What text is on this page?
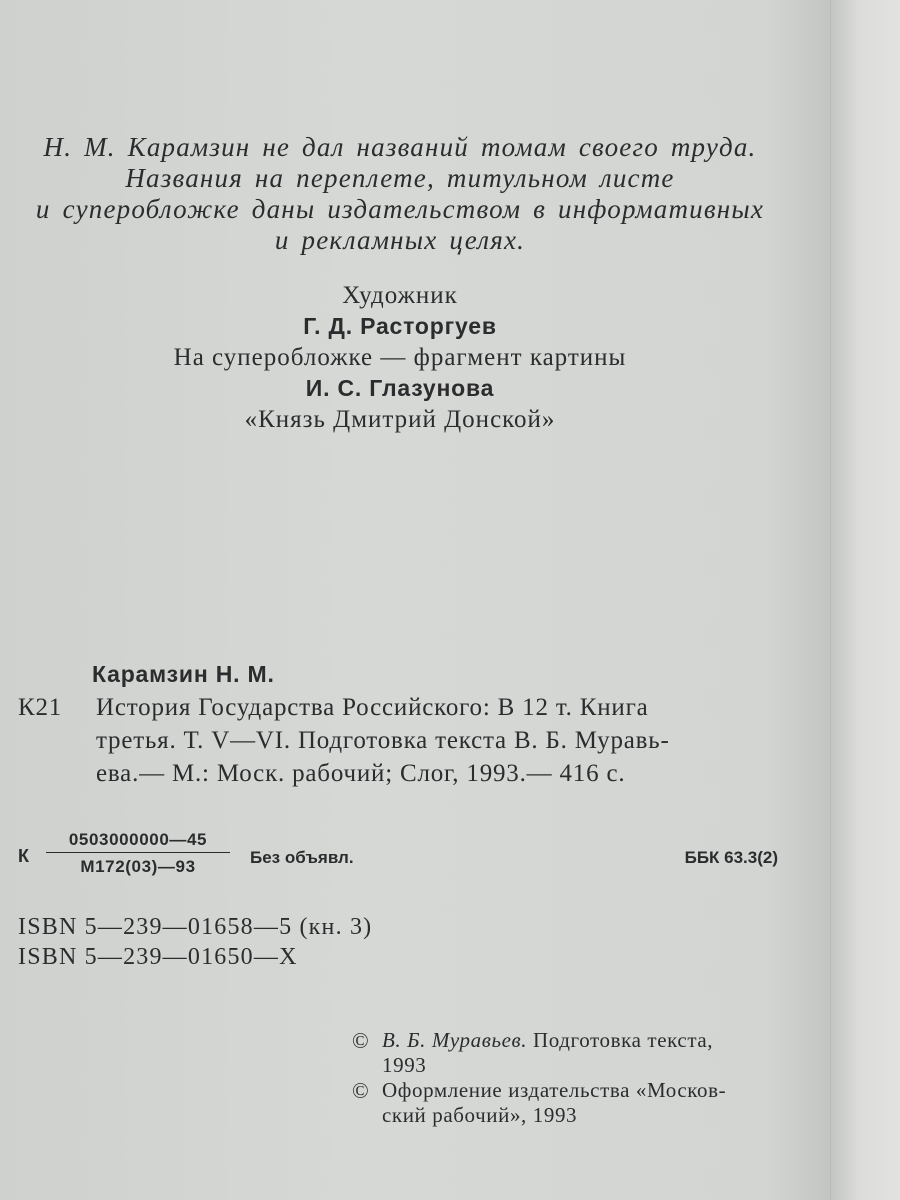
Н. М. Карамзин не дал названий томам своего труда.
Названия на переплете, титульном листе
и суперобложке даны издательством в информативных
и рекламных целях.
Художник
Г. Д. Расторгуев
На суперобложке — фрагмент картины
И. С. Глазунова
«Князь Дмитрий Донской»
Карамзин Н. М.
К21	История Государства Российского: В 12 т. Книга
третья. Т. V—VI. Подготовка текста В. Б. Муравь-
ева.— М.: Моск. рабочий; Слог, 1993.— 416 с.
К
0503000000—45
М172(03)—93	Без объявл.	ББК 63.3(2)
ISBN 5—239—01658—5 (кн. 3)
ISBN 5—239—01650—X
© В. Б. Муравьев. Подготовка текста,
1993
© Оформление издательства «Москов-
ский рабочий», 1993
